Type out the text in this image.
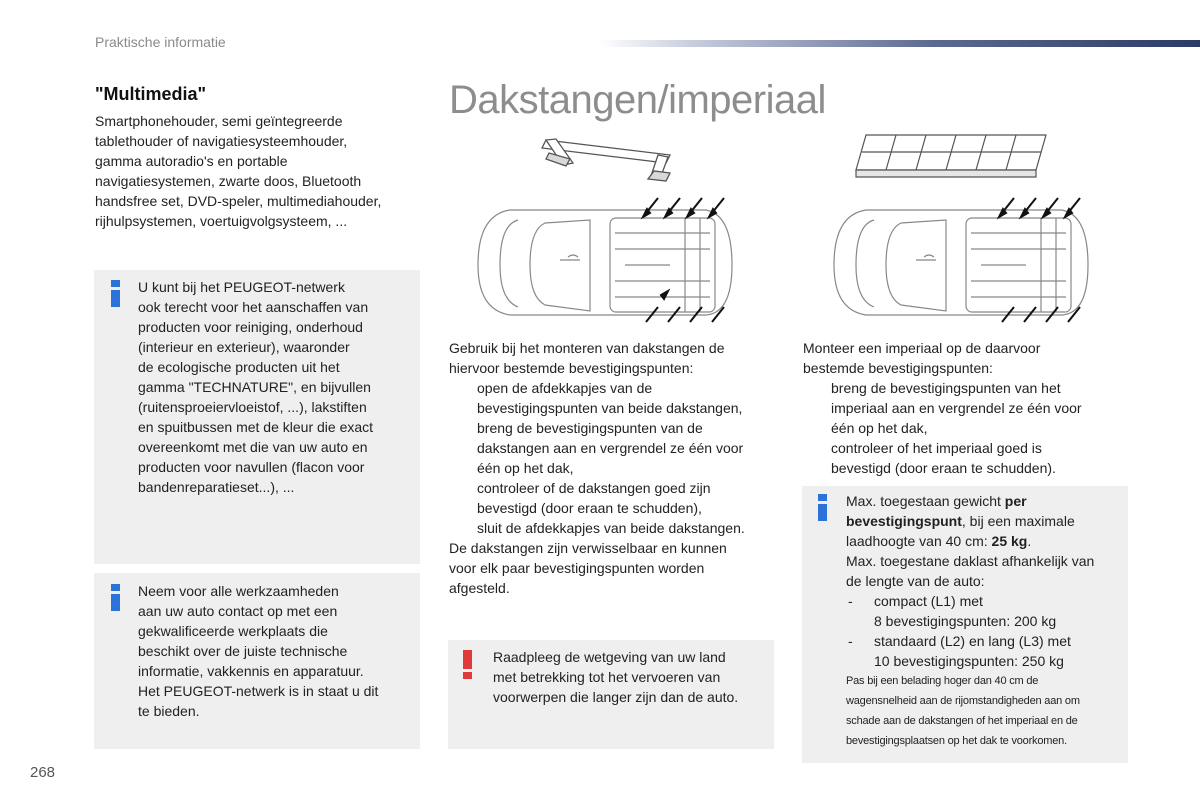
Praktische informatie
"Multimedia"
Smartphonehouder, semi geïntegreerde
tablethouder of navigatiesysteemhouder,
gamma autoradio's en portable
navigatiesystemen, zwarte doos, Bluetooth
handsfree set, DVD-speler, multimediahouder,
rijhulpsystemen, voertuigvolgsysteem, ...
U kunt bij het PEUGEOT-netwerk
ook terecht voor het aanschaffen van
producten voor reiniging, onderhoud
(interieur en exterieur), waaronder
de ecologische producten uit het
gamma "TECHNATURE", en bijvullen
(ruitensproeiervloeistof, ...), lakstiften
en spuitbussen met de kleur die exact
overeenkomt met die van uw auto en
producten voor navullen (flacon voor
bandenreparatieset...), ...
Neem voor alle werkzaamheden
aan uw auto contact op met een
gekwalificeerde werkplaats die
beschikt over de juiste technische
informatie, vakkennis en apparatuur.
Het PEUGEOT-netwerk is in staat u dit
te bieden.
Dakstangen/imperiaal
Gebruik bij het monteren van dakstangen de
hiervoor bestemde bevestigingspunten:
open de afdekkapjes van de
bevestigingspunten van beide dakstangen,
breng de bevestigingspunten van de
dakstangen aan en vergrendel ze één voor
één op het dak,
controleer of de dakstangen goed zijn
bevestigd (door eraan te schudden),
sluit de afdekkapjes van beide dakstangen.
De dakstangen zijn verwisselbaar en kunnen
voor elk paar bevestigingspunten worden
afgesteld.
Raadpleeg de wetgeving van uw land
met betrekking tot het vervoeren van
voorwerpen die langer zijn dan de auto.
Monteer een imperiaal op de daarvoor
bestemde bevestigingspunten:
breng de bevestigingspunten van het
imperiaal aan en vergrendel ze één voor
één op het dak,
controleer of het imperiaal goed is
bevestigd (door eraan te schudden).
Max. toegestaan gewicht per
bevestigingspunt, bij een maximale
laadhoogte van 40 cm: 25 kg.
Max. toegestane daklast afhankelijk van
de lengte van de auto:
- compact (L1) met
8 bevestigingspunten: 200 kg
- standaard (L2) en lang (L3) met
10 bevestigingspunten: 250 kg
Pas bij een belading hoger dan 40 cm de
wagensnelheid aan de rijomstandigheden aan om
schade aan de dakstangen of het imperiaal en de
bevestigingsplaatsen op het dak te voorkomen.
268
